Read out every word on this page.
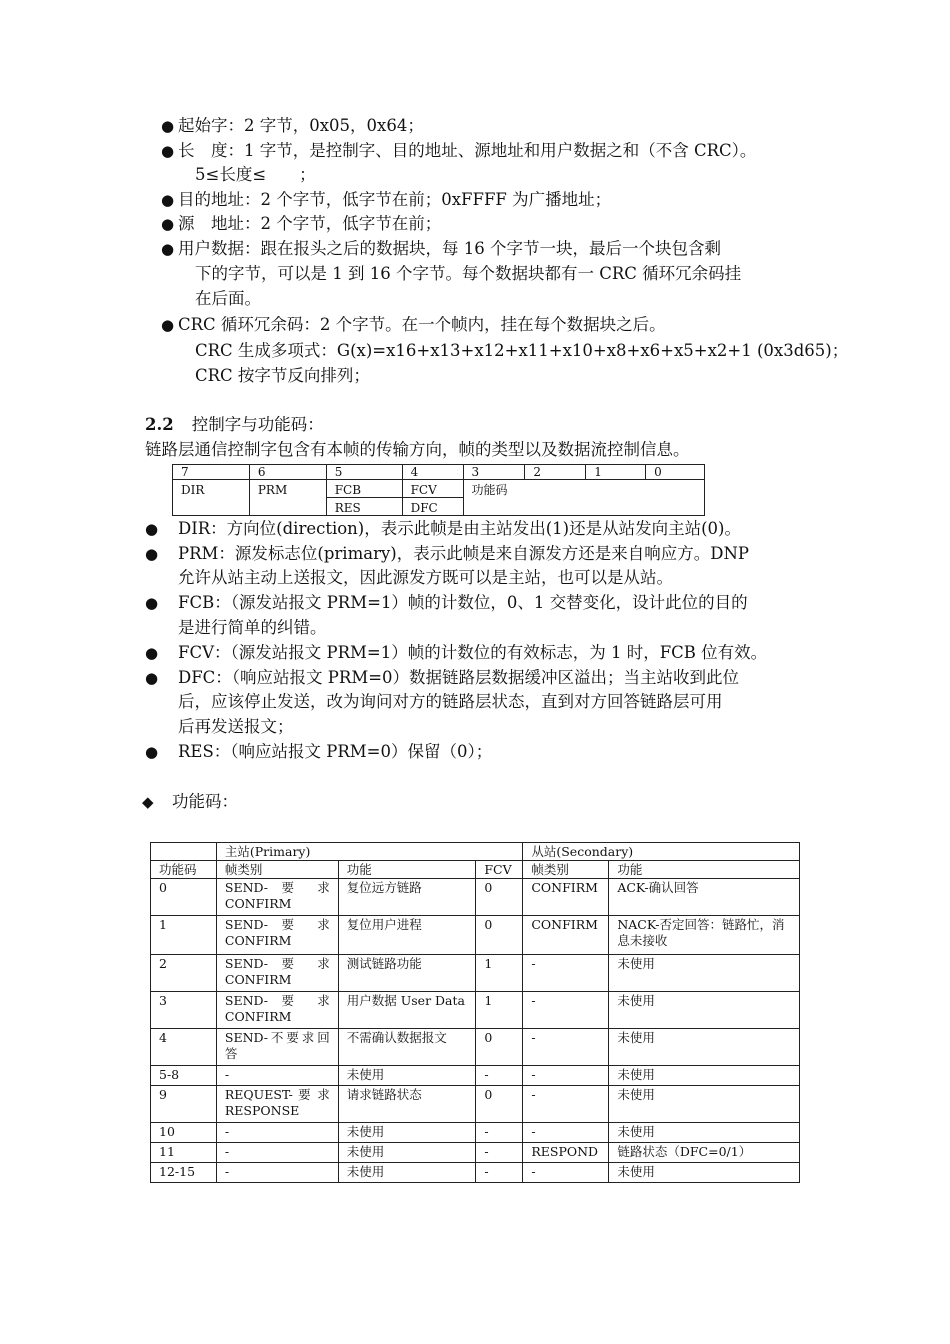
● 起始字：2 字节，0x05，0x64；
● 长　度：1 字节，是控制字、目的地址、源地址和用户数据之和（不含 CRC）。
5≤长度≤　　；
● 目的地址：2 个字节，低字节在前；0xFFFF 为广播地址；
● 源　地址：2 个字节，低字节在前；
● 用户数据：跟在报头之后的数据块，每 16 个字节一块，最后一个块包含剩
下的字节，可以是 1 到 16 个字节。每个数据块都有一 CRC 循环冗余码挂
在后面。
● CRC 循环冗余码：2 个字节。在一个帧内，挂在每个数据块之后。
CRC 生成多项式：G(x)=x16+x13+x12+x11+x10+x8+x6+x5+x2+1 (0x3d65)；
CRC 按字节反向排列；
2.2 控制字与功能码：
链路层通信控制字包含有本帧的传输方向，帧的类型以及数据流控制信息。
7	6	5	4	3	2	1	0
DIR	PRM	FCB	FCV	功能码			
		RES	DFC				
● DIR：方向位(direction)，表示此帧是由主站发出(1)还是从站发向主站(0)。
● PRM：源发标志位(primary)，表示此帧是来自源发方还是来自响应方。DNP
允许从站主动上送报文，因此源发方既可以是主站，也可以是从站。
● FCB：（源发站报文 PRM=1）帧的计数位，0、1 交替变化，设计此位的目的
是进行简单的纠错。
● FCV：（源发站报文 PRM=1）帧的计数位的有效标志，为 1 时，FCB 位有效。
● DFC：（响应站报文 PRM=0）数据链路层数据缓冲区溢出；当主站收到此位
后，应该停止发送，改为询问对方的链路层状态，直到对方回答链路层可用
后再发送报文；
● RES：（响应站报文 PRM=0）保留（0）；
◆ 功能码：
	主站(Primary)			从站(Secondary)	
功能码	帧类别	功能	FCV	帧类别	功能
0	SEND- 要 求 CONFIRM	复位远方链路	0	CONFIRM	ACK-确认回答
1	SEND- 要 求 CONFIRM	复位用户进程	0	CONFIRM	NACK-否定回答：链路忙，消息未接收
2	SEND- 要 求 CONFIRM	测试链路功能	1	-	未使用
3	SEND- 要 求 CONFIRM	用户数据 User Data	1	-	未使用
4	SEND-不要求回答	不需确认数据报文	0	-	未使用
5-8	-	未使用	-	-	未使用
9	REQUEST- 要 求 RESPONSE	请求链路状态	0	-	未使用
10	-	未使用	-	-	未使用
11	-	未使用	-	RESPOND	链路状态（DFC=0/1）
12-15	-	未使用	-	-	未使用
